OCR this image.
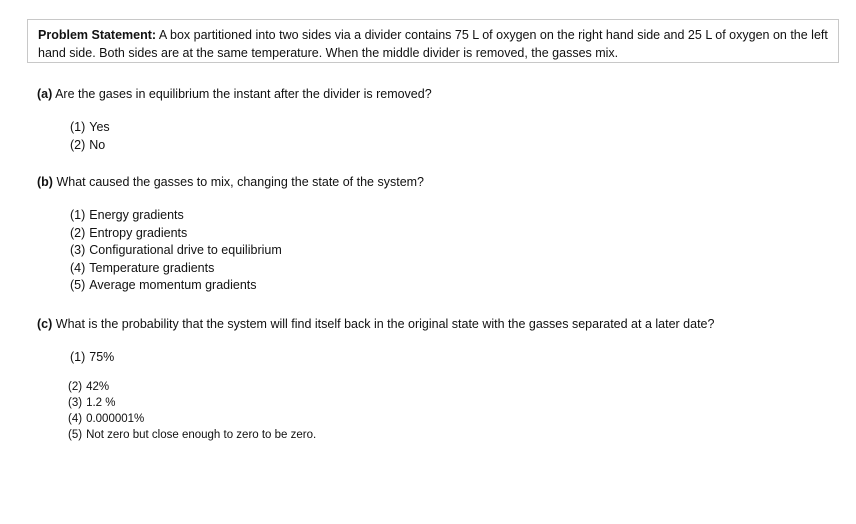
Problem Statement: A box partitioned into two sides via a divider contains 75 L of oxygen on the right hand side and 25 L of oxygen on the left hand side. Both sides are at the same temperature. When the middle divider is removed, the gasses mix.
(a) Are the gases in equilibrium the instant after the divider is removed?
(1) Yes
(2) No
(b) What caused the gasses to mix, changing the state of the system?
(1) Energy gradients
(2) Entropy gradients
(3) Configurational drive to equilibrium
(4) Temperature gradients
(5) Average momentum gradients
(c) What is the probability that the system will find itself back in the original state with the gasses separated at a later date?
(1) 75%
(2) 42%
(3) 1.2 %
(4) 0.000001%
(5) Not zero but close enough to zero to be zero.
